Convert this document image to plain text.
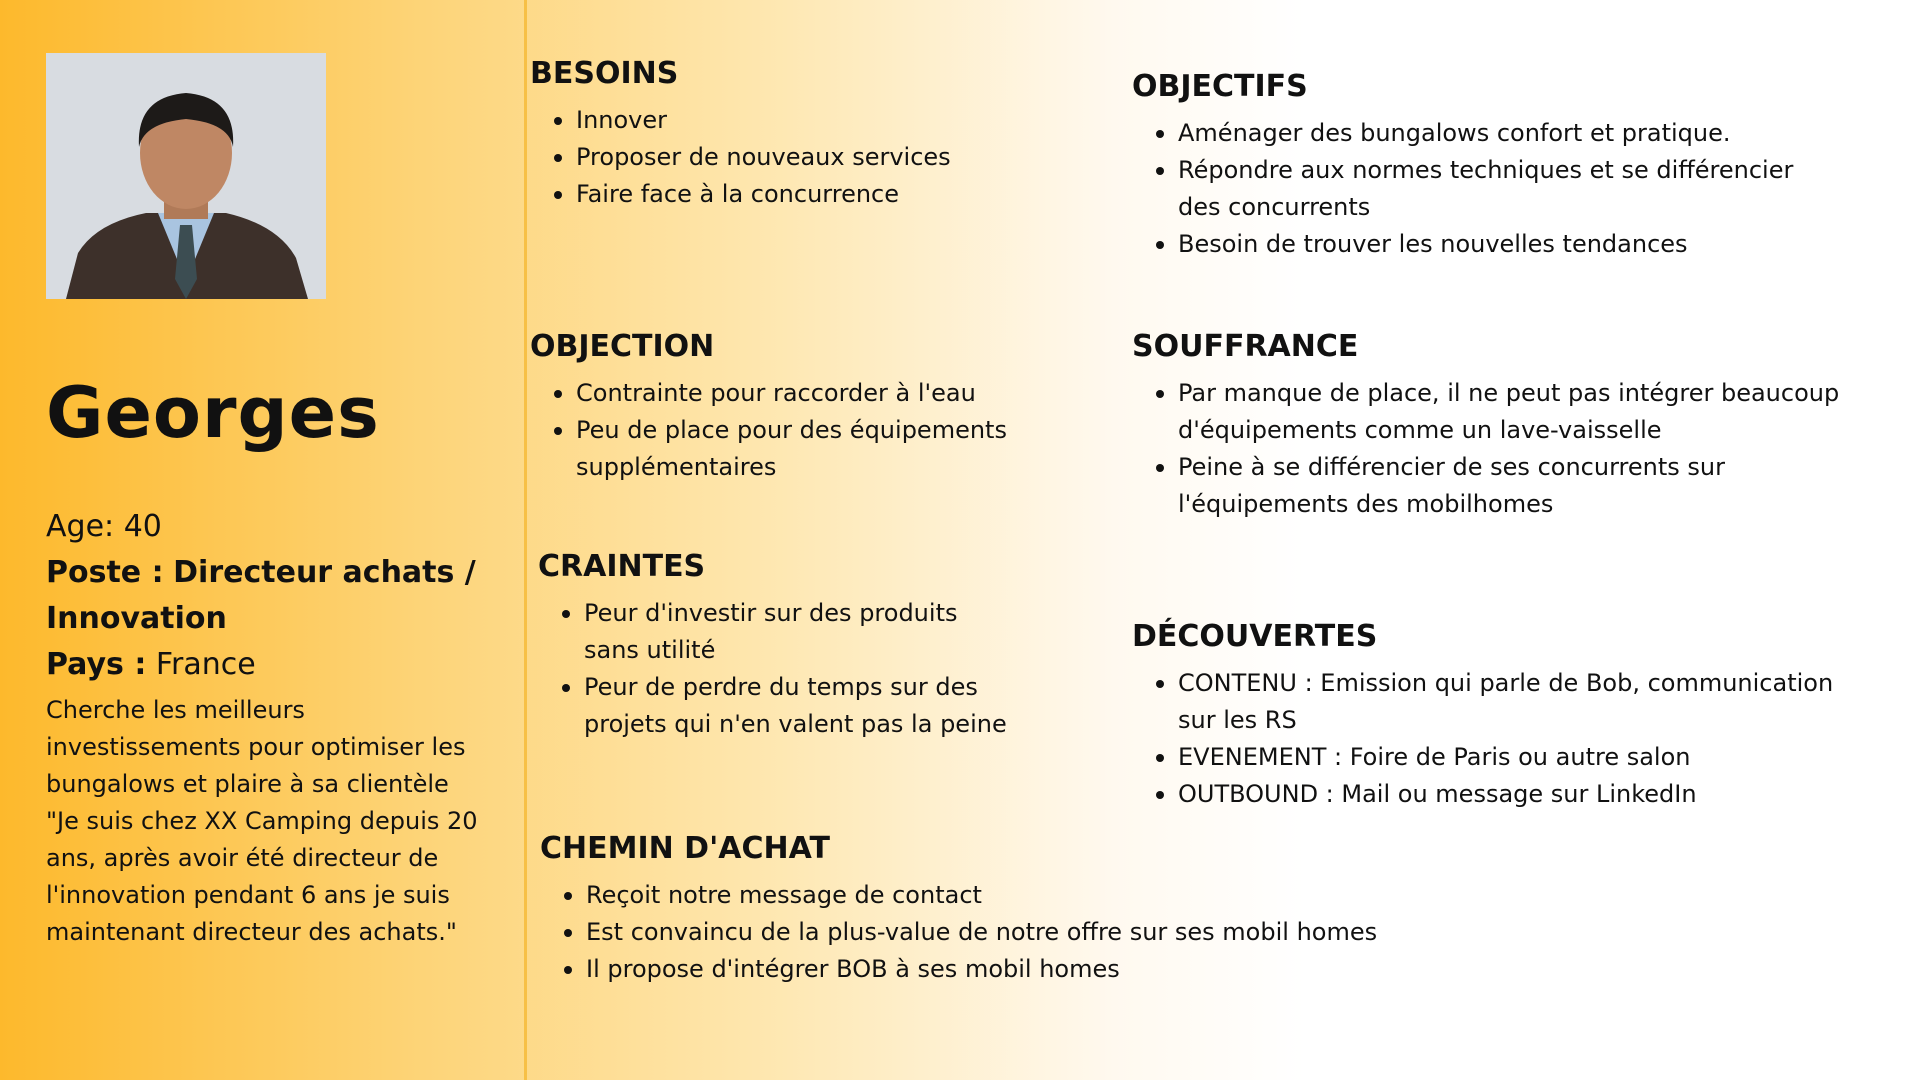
Georges

Age: 40

Poste : Directeur achats / Innovation

Pays : France

Cherche les meilleurs investissements pour optimiser les bungalows et plaire à sa clientèle "Je suis chez XX Camping depuis 20 ans, après avoir été directeur de l'innovation pendant 6 ans je suis maintenant directeur des achats."

BESOINS
Innover
Proposer de nouveaux services
Faire face à la concurrence
OBJECTIFS
Aménager des bungalows confort et pratique.
Répondre aux normes techniques et se différencier des concurrents
Besoin de trouver les nouvelles tendances
OBJECTION
Contrainte pour raccorder à l'eau
Peu de place pour des équipements supplémentaires
SOUFFRANCE
Par manque de place, il ne peut pas intégrer beaucoup d'équipements comme un lave-vaisselle
Peine à se différencier de ses concurrents sur l'équipements des mobilhomes
CRAINTES
Peur d'investir sur des produits sans utilité
Peur de perdre du temps sur des projets qui n'en valent pas la peine
DÉCOUVERTES
CONTENU : Emission qui parle de Bob, communication sur les RS
EVENEMENT : Foire de Paris ou autre salon
OUTBOUND : Mail ou message sur LinkedIn
CHEMIN D'ACHAT
Reçoit notre message de contact
Est convaincu de la plus-value de notre offre sur ses mobil homes
Il propose d'intégrer BOB à ses mobil homes
